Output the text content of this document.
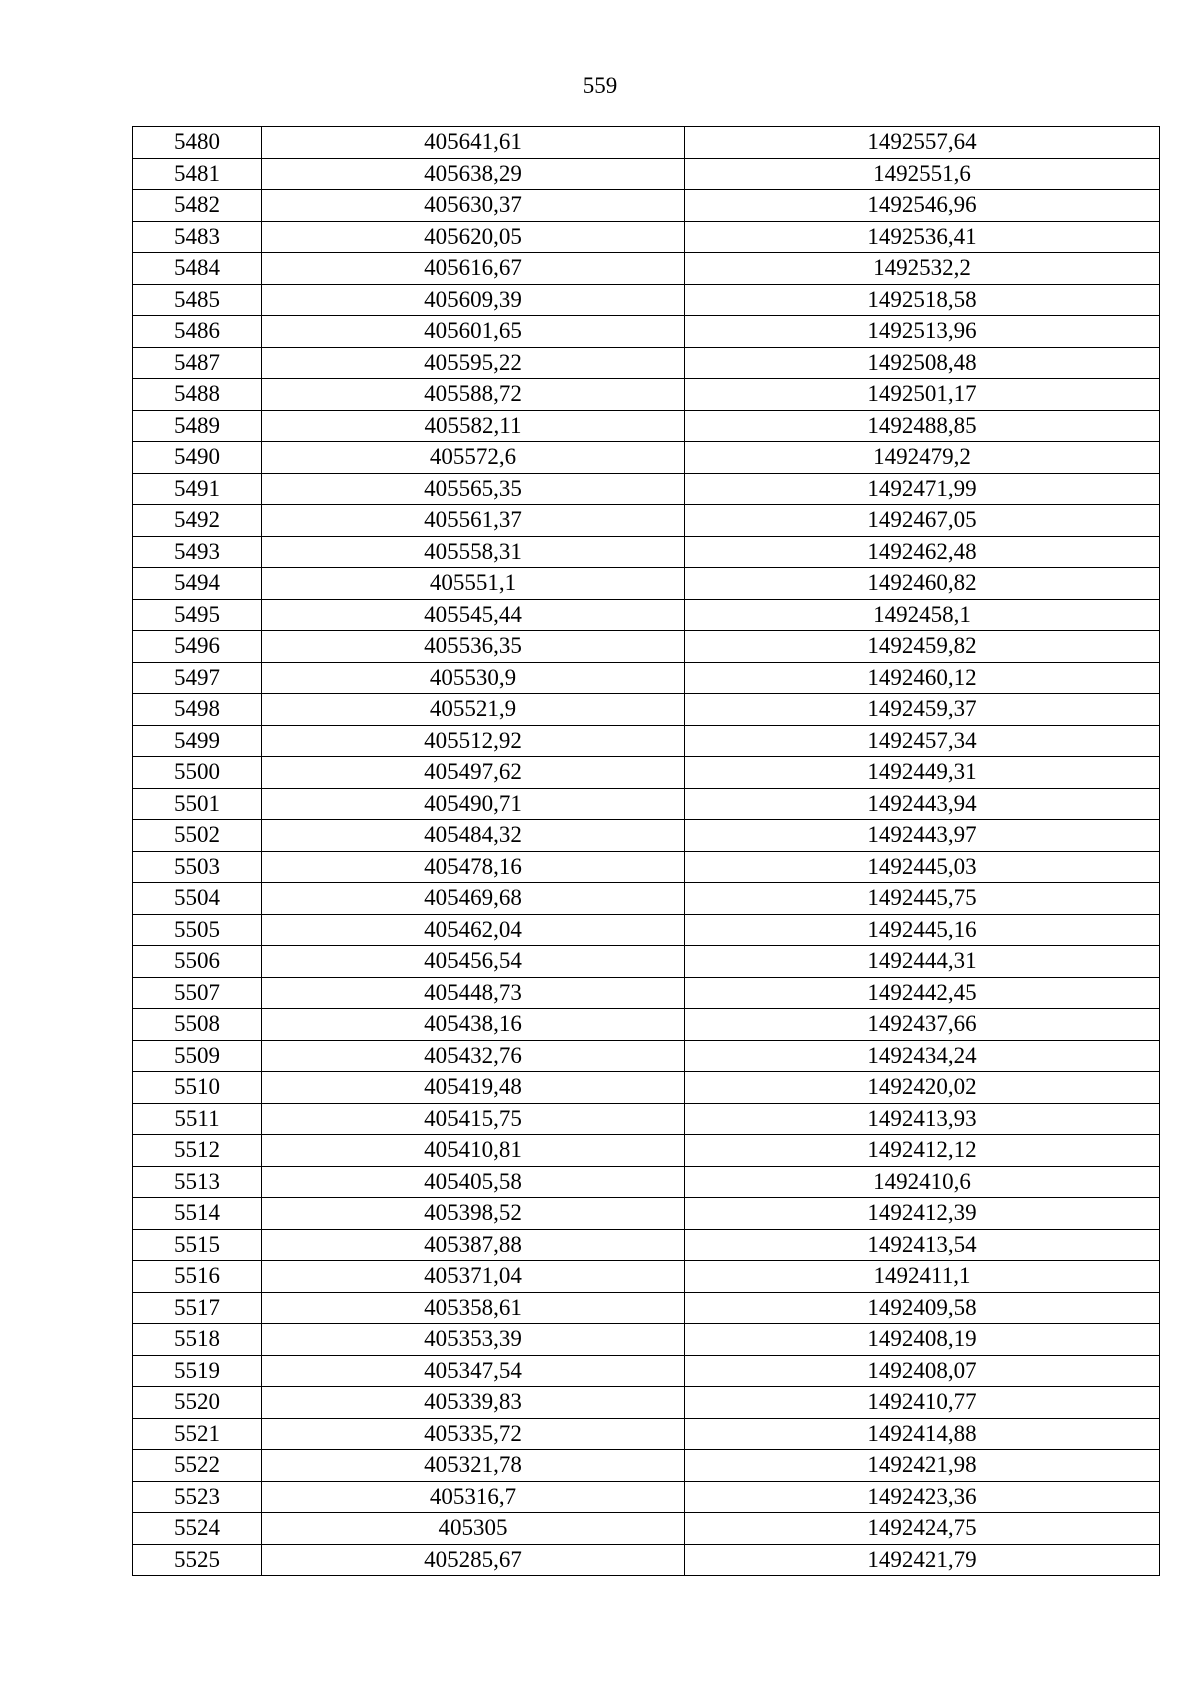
559
5480	405641,61	1492557,64
5481	405638,29	1492551,6
5482	405630,37	1492546,96
5483	405620,05	1492536,41
5484	405616,67	1492532,2
5485	405609,39	1492518,58
5486	405601,65	1492513,96
5487	405595,22	1492508,48
5488	405588,72	1492501,17
5489	405582,11	1492488,85
5490	405572,6	1492479,2
5491	405565,35	1492471,99
5492	405561,37	1492467,05
5493	405558,31	1492462,48
5494	405551,1	1492460,82
5495	405545,44	1492458,1
5496	405536,35	1492459,82
5497	405530,9	1492460,12
5498	405521,9	1492459,37
5499	405512,92	1492457,34
5500	405497,62	1492449,31
5501	405490,71	1492443,94
5502	405484,32	1492443,97
5503	405478,16	1492445,03
5504	405469,68	1492445,75
5505	405462,04	1492445,16
5506	405456,54	1492444,31
5507	405448,73	1492442,45
5508	405438,16	1492437,66
5509	405432,76	1492434,24
5510	405419,48	1492420,02
5511	405415,75	1492413,93
5512	405410,81	1492412,12
5513	405405,58	1492410,6
5514	405398,52	1492412,39
5515	405387,88	1492413,54
5516	405371,04	1492411,1
5517	405358,61	1492409,58
5518	405353,39	1492408,19
5519	405347,54	1492408,07
5520	405339,83	1492410,77
5521	405335,72	1492414,88
5522	405321,78	1492421,98
5523	405316,7	1492423,36
5524	405305	1492424,75
5525	405285,67	1492421,79
